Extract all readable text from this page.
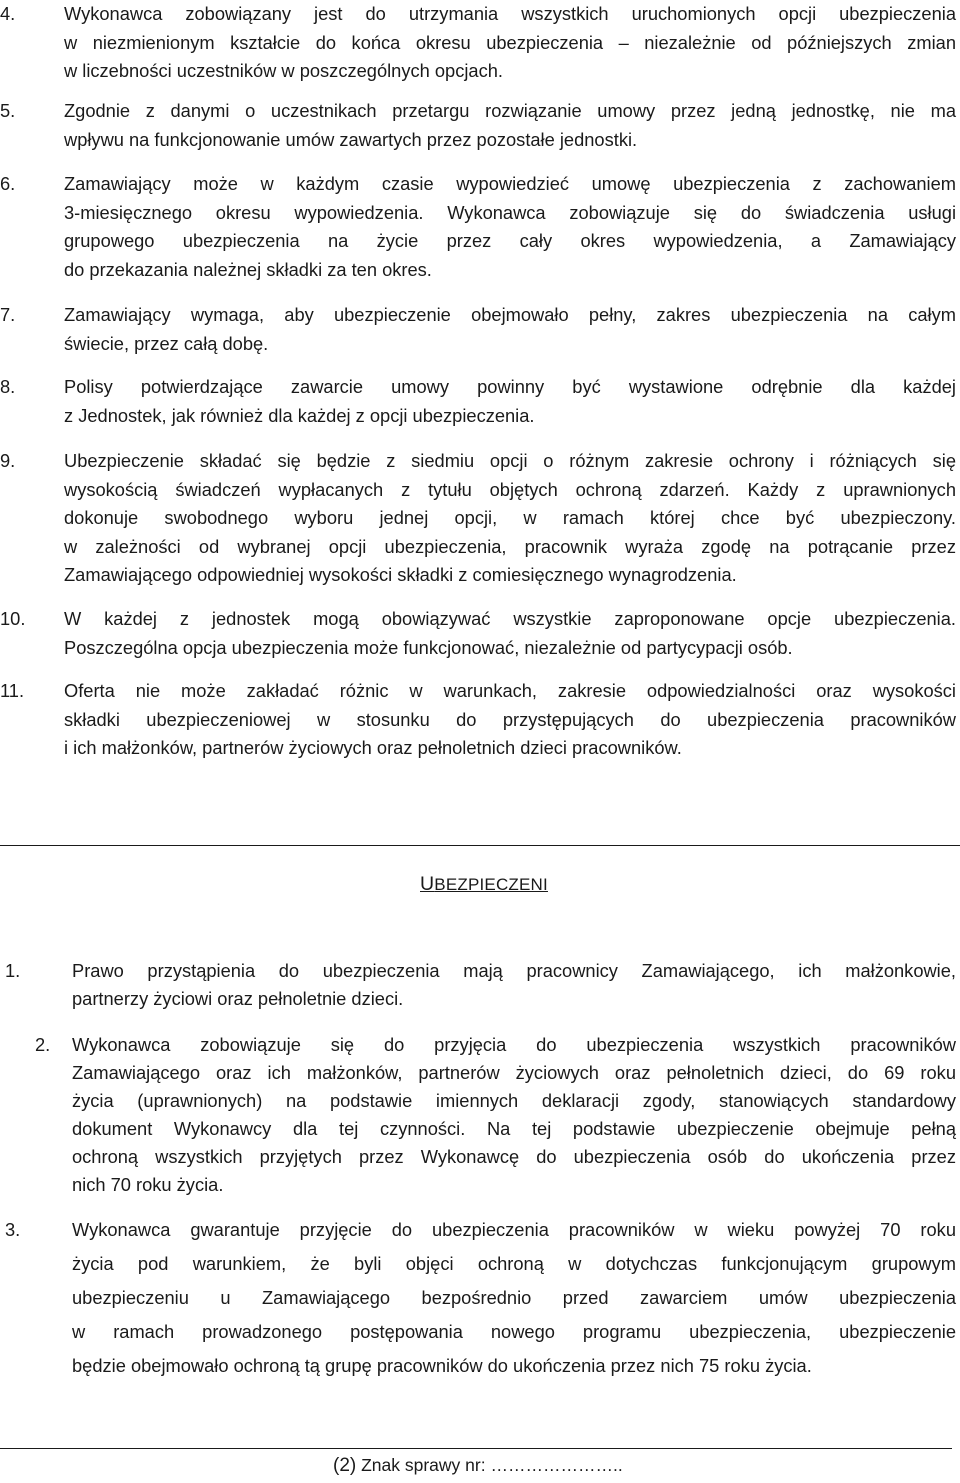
4.	Wykonawca zobowiązany jest do utrzymania wszystkich uruchomionych opcji ubezpieczenia
w niezmienionym kształcie do końca okresu ubezpieczenia – niezależnie od późniejszych zmian
w liczebności uczestników w poszczególnych opcjach.
5.	Zgodnie z danymi o uczestnikach przetargu rozwiązanie umowy przez jedną jednostkę, nie ma
wpływu na funkcjonowanie umów zawartych przez pozostałe jednostki.
6.	Zamawiający może w każdym czasie wypowiedzieć umowę ubezpieczenia z zachowaniem
3-miesięcznego okresu wypowiedzenia. Wykonawca zobowiązuje się do świadczenia usługi
grupowego ubezpieczenia na życie przez cały okres wypowiedzenia, a Zamawiający
do przekazania należnej składki za ten okres.
7.	Zamawiający wymaga, aby ubezpieczenie obejmowało pełny, zakres ubezpieczenia na całym
świecie, przez całą dobę.
8.	Polisy potwierdzające zawarcie umowy powinny być wystawione odrębnie dla każdej
z Jednostek, jak również dla każdej z opcji ubezpieczenia.
9.	Ubezpieczenie składać się będzie z siedmiu opcji o różnym zakresie ochrony i różniących się
wysokością świadczeń wypłacanych z tytułu objętych ochroną zdarzeń. Każdy z uprawnionych
dokonuje swobodnego wyboru jednej opcji, w ramach której chce być ubezpieczony.
w zależności od wybranej opcji ubezpieczenia, pracownik wyraża zgodę na potrącanie przez
Zamawiającego odpowiedniej wysokości składki z comiesięcznego wynagrodzenia.
10.	W każdej z jednostek mogą obowiązywać wszystkie zaproponowane opcje ubezpieczenia.
Poszczególna opcja ubezpieczenia może funkcjonować, niezależnie od partycypacji osób.
11.	Oferta nie może zakładać różnic w warunkach, zakresie odpowiedzialności oraz wysokości
składki ubezpieczeniowej w stosunku do przystępujących do ubezpieczenia pracowników
i ich małżonków, partnerów życiowych oraz pełnoletnich dzieci pracowników.
UBEZPIECZENI
1.	Prawo przystąpienia do ubezpieczenia mają pracownicy Zamawiającego, ich małżonkowie,
partnerzy życiowi oraz pełnoletnie dzieci.
2.	Wykonawca zobowiązuje się do przyjęcia do ubezpieczenia wszystkich pracowników
Zamawiającego oraz ich małżonków, partnerów życiowych oraz pełnoletnich dzieci, do 69 roku
życia (uprawnionych) na podstawie imiennych deklaracji zgody, stanowiących standardowy
dokument Wykonawcy dla tej czynności. Na tej podstawie ubezpieczenie obejmuje pełną
ochroną wszystkich przyjętych przez Wykonawcę do ubezpieczenia osób do ukończenia przez
nich 70 roku życia.
3.	Wykonawca gwarantuje przyjęcie do ubezpieczenia pracowników w wieku powyżej 70 roku
życia pod warunkiem, że byli objęci ochroną w dotychczas funkcjonującym grupowym
ubezpieczeniu u Zamawiającego bezpośrednio przed zawarciem umów ubezpieczenia
w ramach prowadzonego postępowania nowego programu ubezpieczenia, ubezpieczenie
będzie obejmowało ochroną tą grupę pracowników do ukończenia przez nich 75 roku życia.
(2) Znak sprawy nr: …………………..
